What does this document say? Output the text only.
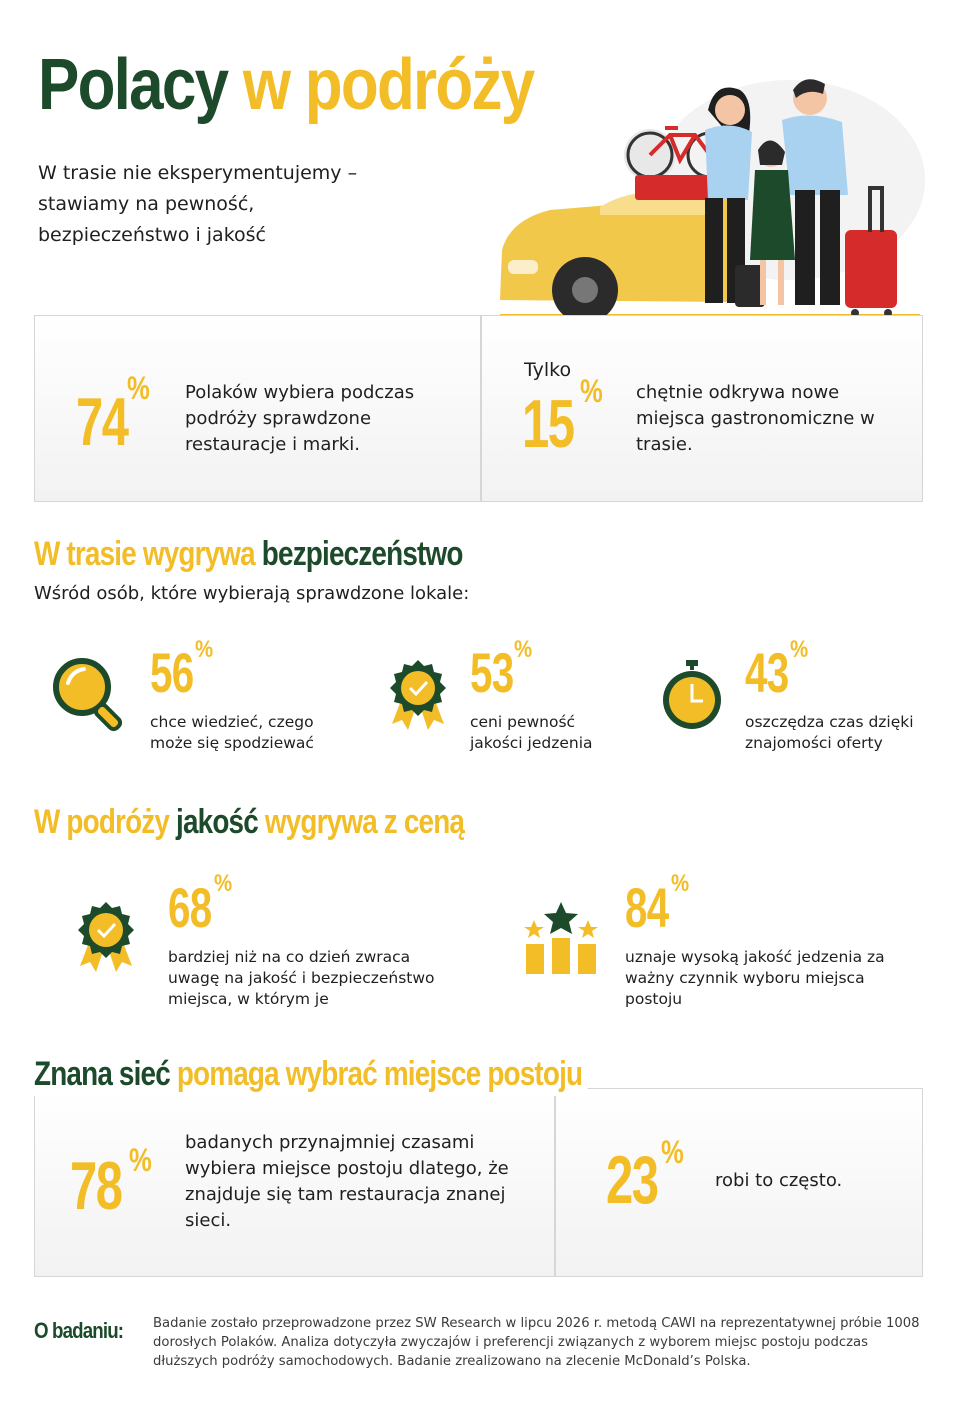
Polacy w podróży
W trasie nie eksperymentujemy – stawiamy na pewność, bezpieczeństwo i jakość
74 % Polaków wybiera podczas podróży sprawdzone restauracje i marki.
Tylko
15 % chętnie odkrywa nowe miejsca gastronomiczne w trasie.
W trasie wygrywa bezpieczeństwo
Wśród osób, które wybierają sprawdzone lokale:
56 %
chce wiedzieć, czego może się spodziewać
53 %
ceni pewność jakości jedzenia
43 %
oszczędza czas dzięki znajomości oferty
W podróży jakość wygrywa z ceną
68 %
bardziej niż na co dzień zwraca uwagę na jakość i bezpieczeństwo miejsca, w którym je
84 %
uznaje wysoką jakość jedzenia za ważny czynnik wyboru miejsca postoju
Znana sieć pomaga wybrać miejsce postoju
78 % badanych przynajmniej czasami wybiera miejsce postoju dlatego, że znajduje się tam restauracja znanej sieci.
23 %
robi to często.
O badaniu: Badanie zostało przeprowadzone przez SW Research w lipcu 2026 r. metodą CAWI na reprezentatywnej próbie 1008 dorosłych Polaków. Analiza dotyczyła zwyczajów i preferencji związanych z wyborem miejsc postoju podczas dłuższych podróży samochodowych. Badanie zrealizowano na zlecenie McDonald’s Polska.
